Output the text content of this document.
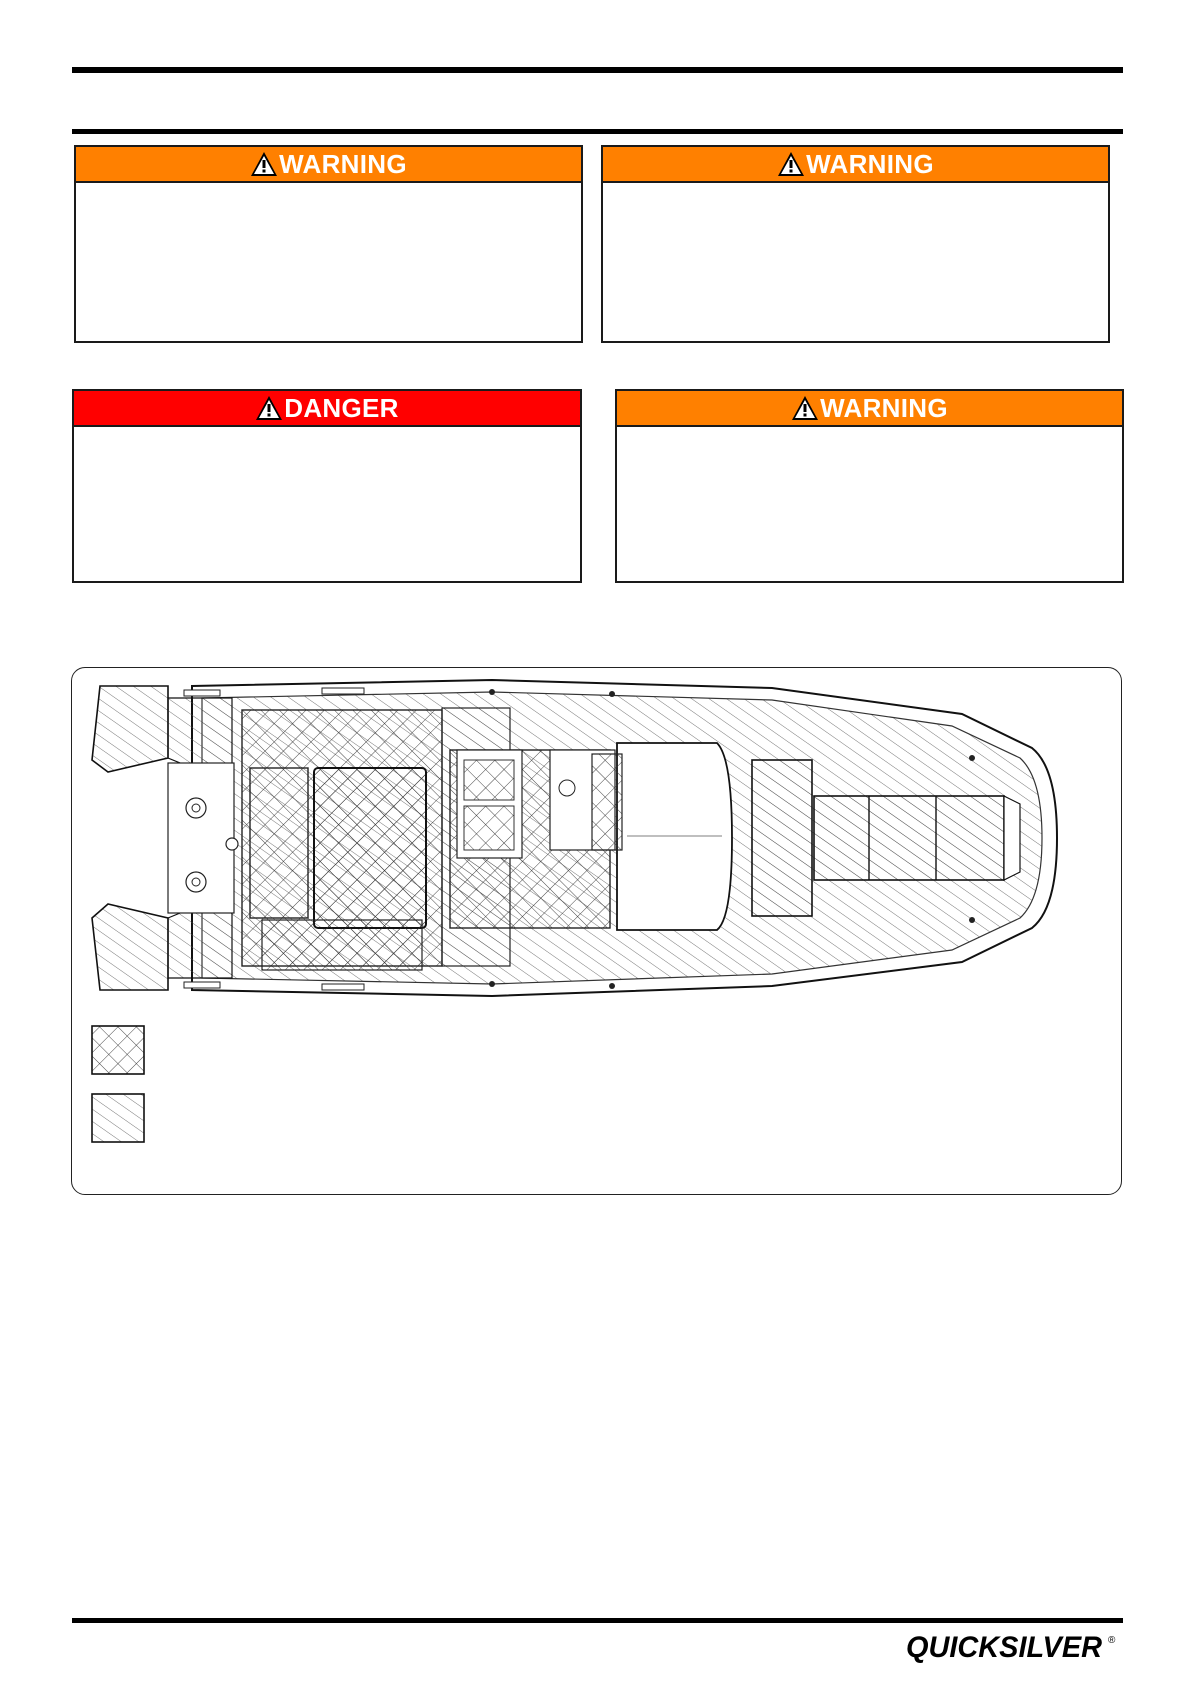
WARNING	WARNING
DANGER	WARNING
QUICKSILVER ®
